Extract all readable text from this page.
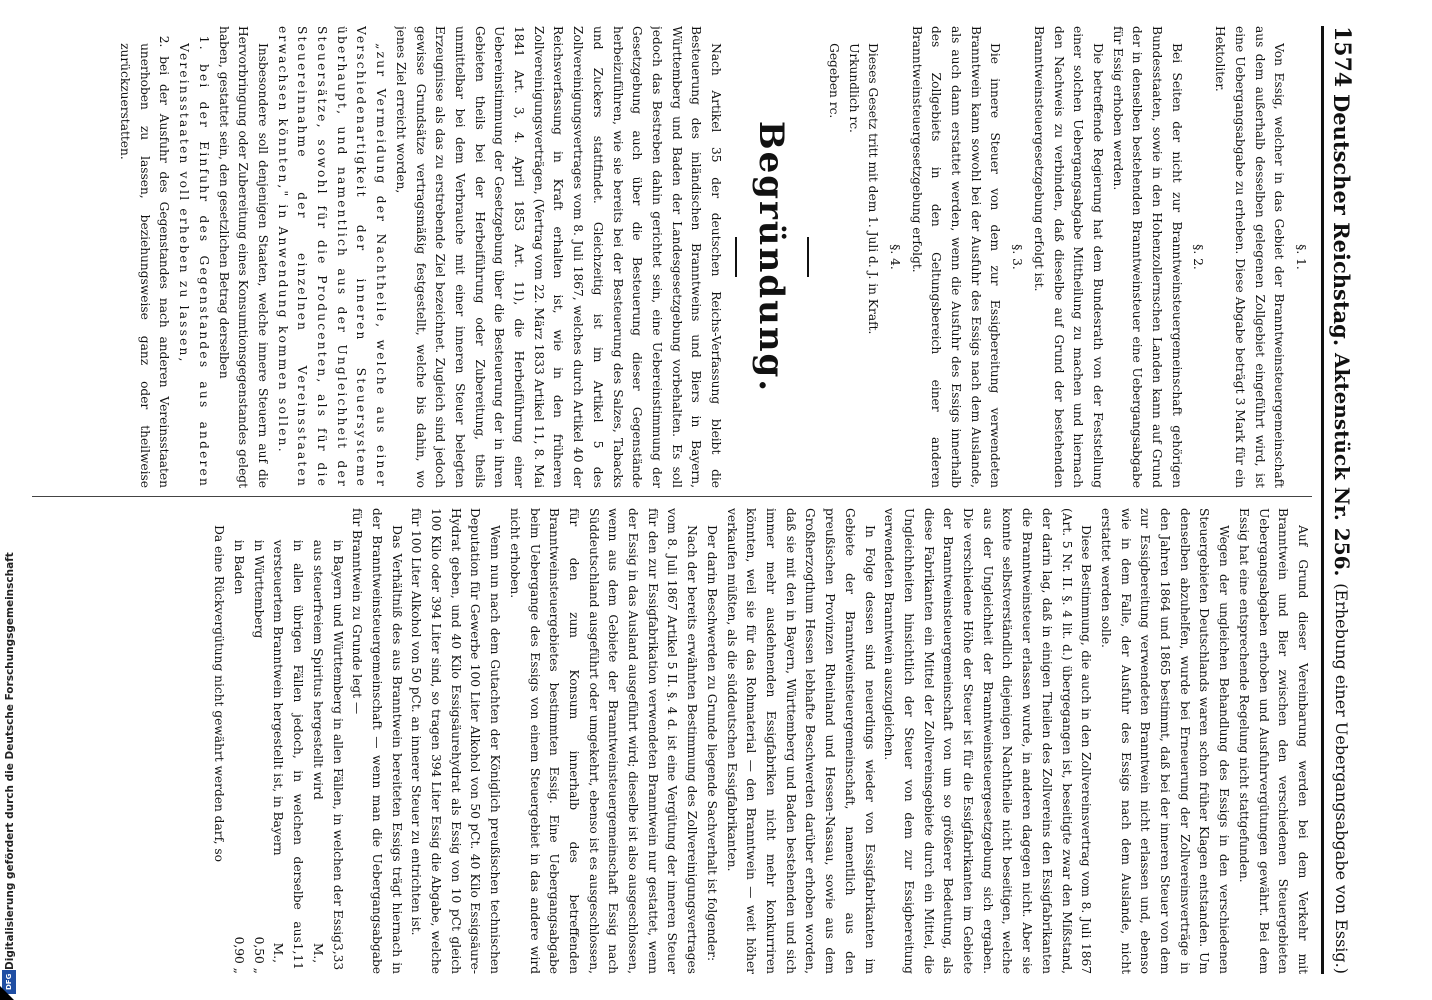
1574
Deutscher Reichstag.
Aktenstück Nr. 256.
(Erhebung einer Uebergangsabgabe von Essig.)

§. 1.

Von Essig, welcher in das Gebiet der Branntweinsteuergemeinschaft aus dem außerhalb desselben gelegenen Zollgebiet eingeführt wird, ist eine Uebergangsabgabe zu erheben. Diese Abgabe beträgt 3 Mark für ein Hektoliter.

§. 2.

Bei Seiten der nicht zur Branntweinsteuergemeinschaft gehörigen Bundesstaaten, sowie in den Hohenzollernschen Landen kann auf Grund der in denselben bestehenden Branntweinsteuer eine Uebergangsabgabe für Essig erhoben werden.

Die betreffende Regierung hat dem Bundesrath von der Feststellung einer solchen Uebergangsabgabe Mittheilung zu machen und hiernach den Nachweis zu verbinden, daß dieselbe auf Grund der bestehenden Branntweinsteuergesetzgebung erfolgt ist.

§. 3.

Die innere Steuer von dem zur Essigbereitung verwendeten Branntwein kann sowohl bei der Ausfuhr des Essigs nach dem Auslande, als auch dann erstattet werden, wenn die Ausfuhr des Essigs innerhalb des Zollgebiets in den Geltungsbereich einer anderen Branntweinsteuergesetzgebung erfolgt.

§. 4.

Dieses Gesetz tritt mit dem 1. Juli d. J. in Kraft.

Urkundlich rc.

Gegeben rc.

Begründung.

Nach Artikel 35 der deutschen Reichs-Verfassung bleibt die Besteuerung des inländischen Branntweins und Biers in Bayern, Württemberg und Baden der Landesgesetzgebung vorbehalten. Es soll jedoch das Bestreben dahin gerichtet sein, eine Uebereinstimmung der Gesetzgebung auch über die Besteuerung dieser Gegenstände herbeizuführen, wie sie bereits bei der Besteuerung des Salzes, Tabacks und Zuckers stattfindet. Gleichzeitig ist im Artikel 5 des Zollvereinigungsvertrages vom 8. Juli 1867, welches durch Artikel 40 der Reichsverfassung in Kraft erhalten ist, wie in den früheren Zollvereinigungsverträgen, (Vertrag vom 22. März 1833 Artikel 11, 8. Mai 1841 Art. 3, 4. April 1853 Art. 11), die Herbeiführung einer Uebereinstimmung der Gesetzgebung über die Besteuerung der in ihren Gebieten theils bei der Herbeiführung oder Zubereitung, theils unmittelbar bei dem Verbrauche mit einer inneren Steuer belegten Erzeugnisse als das zu erstrebende Ziel bezeichnet. Zugleich sind jedoch gewisse Grundsätze vertragsmäßig festgestellt, welche bis dahin, wo jenes Ziel erreicht worden,

„zur Vermeidung der Nachtheile, welche aus einer Verschiedenartigkeit der inneren Steuersysteme überhaupt, und namentlich aus der Ungleichheit der Steuersätze, sowohl für die Producenten, als für die Steuereinnahme der einzelnen Vereinsstaaten erwachsen könnten," in Anwendung kommen sollen.

Insbesondere soll denjenigen Staaten, welche innere Steuern auf die Hervorbringung oder Zubereitung eines Konsumtionsgegenstandes gelegt haben, gestattet sein, den gesetzlichen Betrag derselben

1. bei der Einfuhr des Gegenstandes aus anderen Vereinsstaaten voll erheben zu lassen,
2. bei der Ausfuhr des Gegenstandes nach anderen Vereinsstaaten unerhoben zu lassen, beziehungsweise ganz oder theilweise zurückzuerstatten.

Auf Grund dieser Vereinbarung werden bei dem Verkehr mit Branntwein und Bier zwischen den verschiedenen Steuergebieten Uebergangsabgaben erhoben und Ausfuhrvergütungen gewährt. Bei dem Essig hat eine entsprechende Regelung nicht stattgefunden.

Wegen der ungleichen Behandlung des Essigs in den verschiedenen Steuergebieten Deutschlands waren schon früher Klagen entstanden. Um denselben abzuhelfen, wurde bei Erneuerung der Zollvereinsverträge in den Jahren 1864 und 1865 bestimmt, daß bei der inneren Steuer von dem zur Essigbereitung verwendeten Branntwein nicht erlassen und, ebenso wie in dem Falle, der Ausfuhr des Essigs nach dem Auslande, nicht erstattet werden solle.

Diese Bestimmung, die auch in den Zollvereinsvertrag vom 8. Juli 1867 (Art. 5 Nr. II. §. 4 lit. d.) übergegangen ist, beseitigte zwar den Mißstand, der darin lag, daß in einigen Theilen des Zollvereins den Essigfabrikanten die Branntweinsteuer erlassen wurde, in anderen dagegen nicht. Aber sie konnte selbstverständlich diejenigen Nachtheile nicht beseitigen, welche aus der Ungleichheit der Branntweinsteuergesetzgebung sich ergaben. Die verschiedene Höhe der Steuer ist für die Essigfabrikanten im Gebiete der Branntweinsteuergemeinschaft von um so größerer Bedeutung, als diese Fabrikanten ein Mittel der Zollvereinsgebiete durch ein Mittel, die Ungleichheiten hinsichtlich der Steuer von dem zur Essigbereitung verwendeten Branntwein auszugleichen.

In Folge dessen sind neuerdings wieder von Essigfabrikanten im Gebiete der Branntweinsteuergemeinschaft, namentlich aus den preußischen Provinzen Rheinland und Hessen-Nassau, sowie aus dem Großherzogthum Hessen lebhafte Beschwerden darüber erhoben worden, daß sie mit den in Bayern, Württemberg und Baden bestehenden und sich immer mehr ausdehnenden Essigfabriken nicht mehr konkurriren könnten, weil sie für das Rohmaterial — den Branntwein — weit höher verkaufen müßten, als die süddeutschen Essigfabrikanten.

Der darin Beschwerden zu Grunde liegende Sachverhalt ist folgender:

Nach der bereits erwähnten Bestimmung des Zollvereinigungsvertrages vom 8. Juli 1867 Artikel 5 II. §. 4 d. ist eine Vergütung der inneren Steuer für den zur Essigfabrikation verwendeten Branntwein nur gestattet, wenn der Essig in das Ausland ausgeführt wird; dieselbe ist also ausgeschlossen, wenn aus dem Gebiete der Branntweinsteuergemeinschaft Essig nach Süddeutschland ausgeführt oder umgekehrt, ebenso ist es ausgeschlossen, für den zum Konsum innerhalb des betreffenden Branntweinsteuergebietes bestimmten Essig. Eine Uebergangsabgabe beim Uebergange des Essigs von einem Steuergebiet in das andere wird nicht erhoben.

Wenn nun nach dem Gutachten der Königlich preußischen technischen Deputation für Gewerbe 100 Liter Alkohol von 50 pCt. 40 Kilo Essigsäure-Hydrat geben, und 40 Kilo Essigsäurehydrat als Essig von 10 pCt gleich 100 Kilo oder 394 Liter sind, so tragen 394 Liter Essig die Abgabe, welche für 100 Liter Alkohol von 50 pCt. an innerer Steuer zu entrichten ist.

Das Verhältniß des aus Branntwein bereiteten Essigs trägt hiernach in der Branntweinsteuergemeinschaft — wenn man die Uebergangsabgabe für Branntwein zu Grunde legt —

in Bayern und Württemberg in allen Fällen, in welchen der Essig aus steuerfreiem Spiritus hergestellt wird
3,33 M.,
in allen übrigen Fällen jedoch, in welchen derselbe aus versteuertem Branntwein hergestellt ist, in Bayern
1,11 M.,
in Württemberg
0,50 „
in Baden
0,90 „

Da eine Rückvergütung nicht gewährt werden darf, so

Digitalisierung gefördert durch die Deutsche Forschungsgemeinschaft
DFG
